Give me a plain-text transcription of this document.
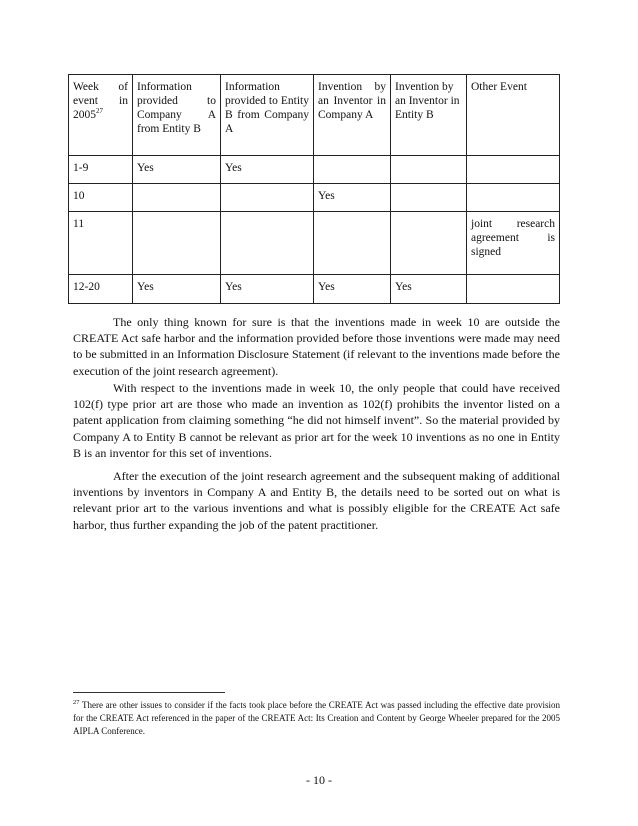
Week of event in 2005$^{27}$	Information provided to Company A from Entity B	Information provided to Entity B from Company A	Invention by an Inventor in Company A	Invention by an Inventor in Entity B	Other Event
1-9	Yes	Yes			
10			Yes		
11					joint research agreement is signed
12-20	Yes	Yes	Yes	Yes	

The only thing known for sure is that the inventions made in week 10 are outside the CREATE Act safe harbor and the information provided before those inventions were made may need to be submitted in an Information Disclosure Statement (if relevant to the inventions made before the execution of the joint research agreement).

With respect to the inventions made in week 10, the only people that could have received 102(f) type prior art are those who made an invention as 102(f) prohibits the inventor listed on a patent application from claiming something “he did not himself invent”. So the material provided by Company A to Entity B cannot be relevant as prior art for the week 10 inventions as no one in Entity B is an inventor for this set of inventions.

After the execution of the joint research agreement and the subsequent making of additional inventions by inventors in Company A and Entity B, the details need to be sorted out on what is relevant prior art to the various inventions and what is possibly eligible for the CREATE Act safe harbor, thus further expanding the job of the patent practitioner.

$^{27}$ There are other issues to consider if the facts took place before the CREATE Act was passed including the effective date provision for the CREATE Act referenced in the paper of the CREATE Act: Its Creation and Content by George Wheeler prepared for the 2005 AIPLA Conference.

- 10 -
